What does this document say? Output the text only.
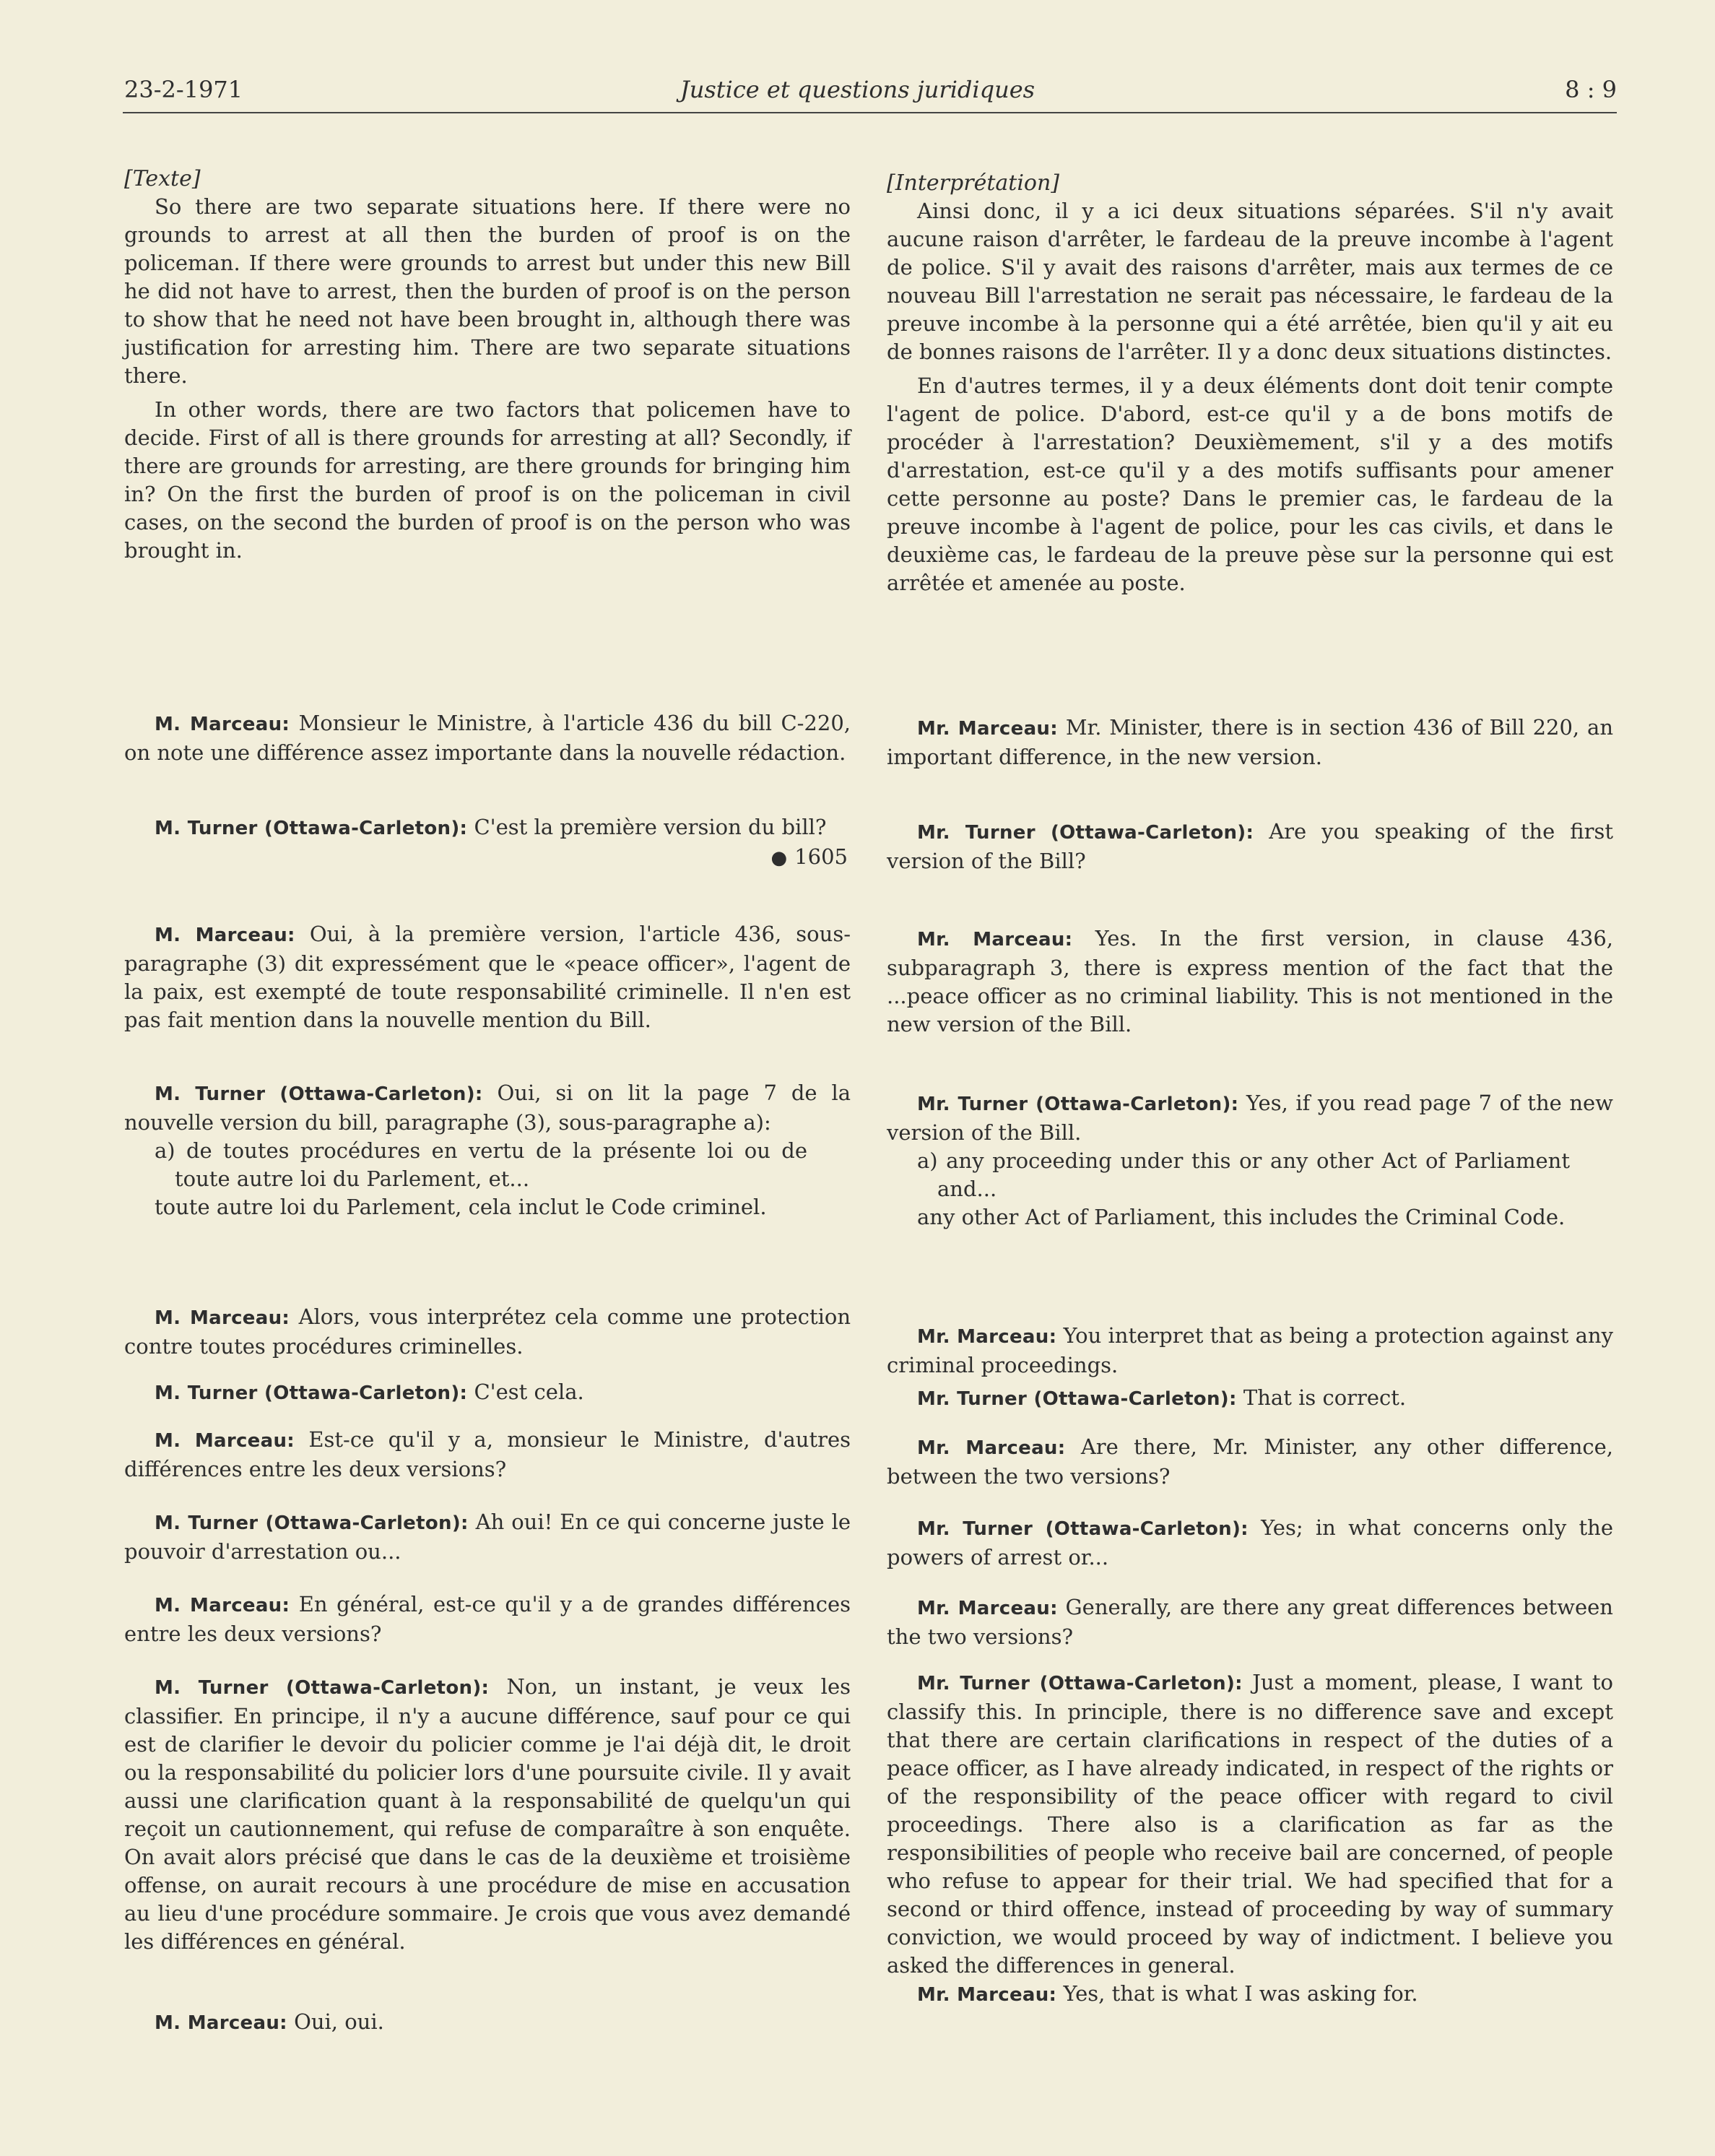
23-2-1971	Justice et questions juridiques	8 : 9

[Texte]

So there are two separate situations here. If there were no grounds to arrest at all then the burden of proof is on the policeman. If there were grounds to arrest but under this new Bill he did not have to arrest, then the burden of proof is on the person to show that he need not have been brought in, although there was justification for arresting him. There are two separate situations there.

In other words, there are two factors that policemen have to decide. First of all is there grounds for arresting at all? Secondly, if there are grounds for arresting, are there grounds for bringing him in? On the first the burden of proof is on the policeman in civil cases, on the second the burden of proof is on the person who was brought in.

M. Marceau: Monsieur le Ministre, à l'article 436 du bill C-220, on note une différence assez importante dans la nouvelle rédaction.

M. Turner (Ottawa-Carleton): C'est la première version du bill?

● 1605

M. Marceau: Oui, à la première version, l'article 436, sous-paragraphe (3) dit expressément que le «peace officer», l'agent de la paix, est exempté de toute responsabilité criminelle. Il n'en est pas fait mention dans la nouvelle mention du Bill.

M. Turner (Ottawa-Carleton): Oui, si on lit la page 7 de la nouvelle version du bill, paragraphe (3), sous-paragraphe a):

a) de toutes procédures en vertu de la présente loi ou de toute autre loi du Parlement, et...

toute autre loi du Parlement, cela inclut le Code criminel.

M. Marceau: Alors, vous interprétez cela comme une protection contre toutes procédures criminelles.

M. Turner (Ottawa-Carleton): C'est cela.

M. Marceau: Est-ce qu'il y a, monsieur le Ministre, d'autres différences entre les deux versions?

M. Turner (Ottawa-Carleton): Ah oui! En ce qui concerne juste le pouvoir d'arrestation ou...

M. Marceau: En général, est-ce qu'il y a de grandes différences entre les deux versions?

M. Turner (Ottawa-Carleton): Non, un instant, je veux les classifier. En principe, il n'y a aucune différence, sauf pour ce qui est de clarifier le devoir du policier comme je l'ai déjà dit, le droit ou la responsabilité du policier lors d'une poursuite civile. Il y avait aussi une clarification quant à la responsabilité de quelqu'un qui reçoit un cautionnement, qui refuse de comparaître à son enquête. On avait alors précisé que dans le cas de la deuxième et troisième offense, on aurait recours à une procédure de mise en accusation au lieu d'une procédure sommaire. Je crois que vous avez demandé les différences en général.

M. Marceau: Oui, oui.

[Interprétation]

Ainsi donc, il y a ici deux situations séparées. S'il n'y avait aucune raison d'arrêter, le fardeau de la preuve incombe à l'agent de police. S'il y avait des raisons d'arrêter, mais aux termes de ce nouveau Bill l'arrestation ne serait pas nécessaire, le fardeau de la preuve incombe à la personne qui a été arrêtée, bien qu'il y ait eu de bonnes raisons de l'arrêter. Il y a donc deux situations distinctes.

En d'autres termes, il y a deux éléments dont doit tenir compte l'agent de police. D'abord, est-ce qu'il y a de bons motifs de procéder à l'arrestation? Deuxièmement, s'il y a des motifs d'arrestation, est-ce qu'il y a des motifs suffisants pour amener cette personne au poste? Dans le premier cas, le fardeau de la preuve incombe à l'agent de police, pour les cas civils, et dans le deuxième cas, le fardeau de la preuve pèse sur la personne qui est arrêtée et amenée au poste.

Mr. Marceau: Mr. Minister, there is in section 436 of Bill 220, an important difference, in the new version.

Mr. Turner (Ottawa-Carleton): Are you speaking of the first version of the Bill?

Mr. Marceau: Yes. In the first version, in clause 436, subparagraph 3, there is express mention of the fact that the ...peace officer as no criminal liability. This is not mentioned in the new version of the Bill.

Mr. Turner (Ottawa-Carleton): Yes, if you read page 7 of the new version of the Bill.

a) any proceeding under this or any other Act of Parliament and...

any other Act of Parliament, this includes the Criminal Code.

Mr. Marceau: You interpret that as being a protection against any criminal proceedings.

Mr. Turner (Ottawa-Carleton): That is correct.

Mr. Marceau: Are there, Mr. Minister, any other difference, between the two versions?

Mr. Turner (Ottawa-Carleton): Yes; in what concerns only the powers of arrest or...

Mr. Marceau: Generally, are there any great differences between the two versions?

Mr. Turner (Ottawa-Carleton): Just a moment, please, I want to classify this. In principle, there is no difference save and except that there are certain clarifications in respect of the duties of a peace officer, as I have already indicated, in respect of the rights or of the responsibility of the peace officer with regard to civil proceedings. There also is a clarification as far as the responsibilities of people who receive bail are concerned, of people who refuse to appear for their trial. We had specified that for a second or third offence, instead of proceeding by way of summary conviction, we would proceed by way of indictment. I believe you asked the differences in general.

Mr. Marceau: Yes, that is what I was asking for.
